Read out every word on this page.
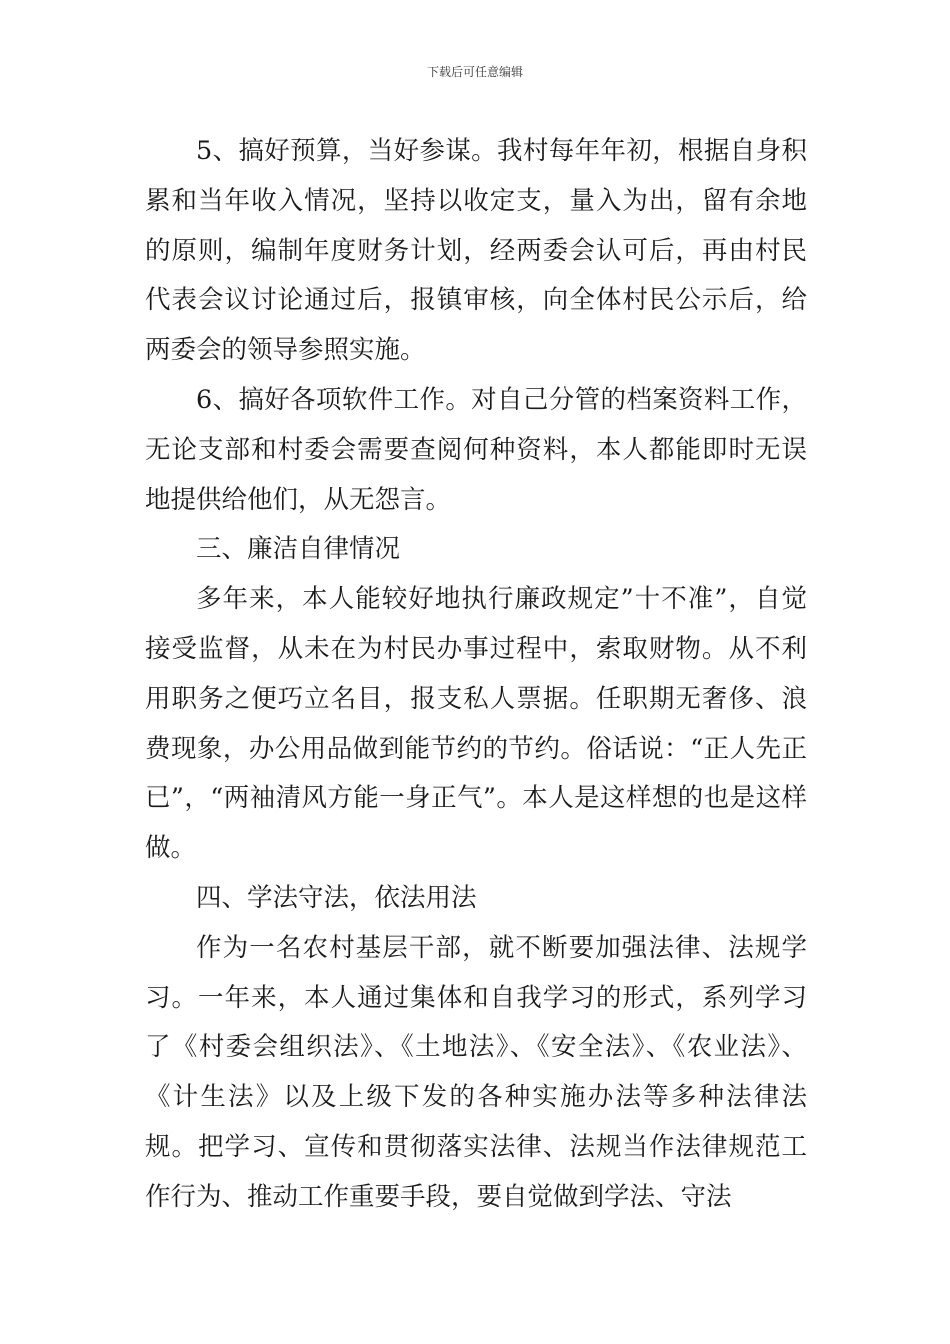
下载后可任意编辑

5、搞好预算，当好参谋。我村每年年初，根据自身积累和当年收入情况，坚持以收定支，量入为出，留有余地的原则，编制年度财务计划，经两委会认可后，再由村民代表会议讨论通过后，报镇审核，向全体村民公示后，给两委会的领导参照实施。

6、搞好各项软件工作。对自己分管的档案资料工作，无论支部和村委会需要查阅何种资料，本人都能即时无误地提供给他们，从无怨言。

三、廉洁自律情况

多年来，本人能较好地执行廉政规定”十不准”，自觉接受监督，从未在为村民办事过程中，索取财物。从不利用职务之便巧立名目，报支私人票据。任职期无奢侈、浪费现象，办公用品做到能节约的节约。俗话说：“正人先正已”，“两袖清风方能一身正气”。本人是这样想的也是这样做。

四、学法守法，依法用法

作为一名农村基层干部，就不断要加强法律、法规学习。一年来，本人通过集体和自我学习的形式，系列学习了《村委会组织法》、《土地法》、《安全法》、《农业法》、《计生法》以及上级下发的各种实施办法等多种法律法规。把学习、宣传和贯彻落实法律、法规当作法律规范工作行为、推动工作重要手段，要自觉做到学法、守法
